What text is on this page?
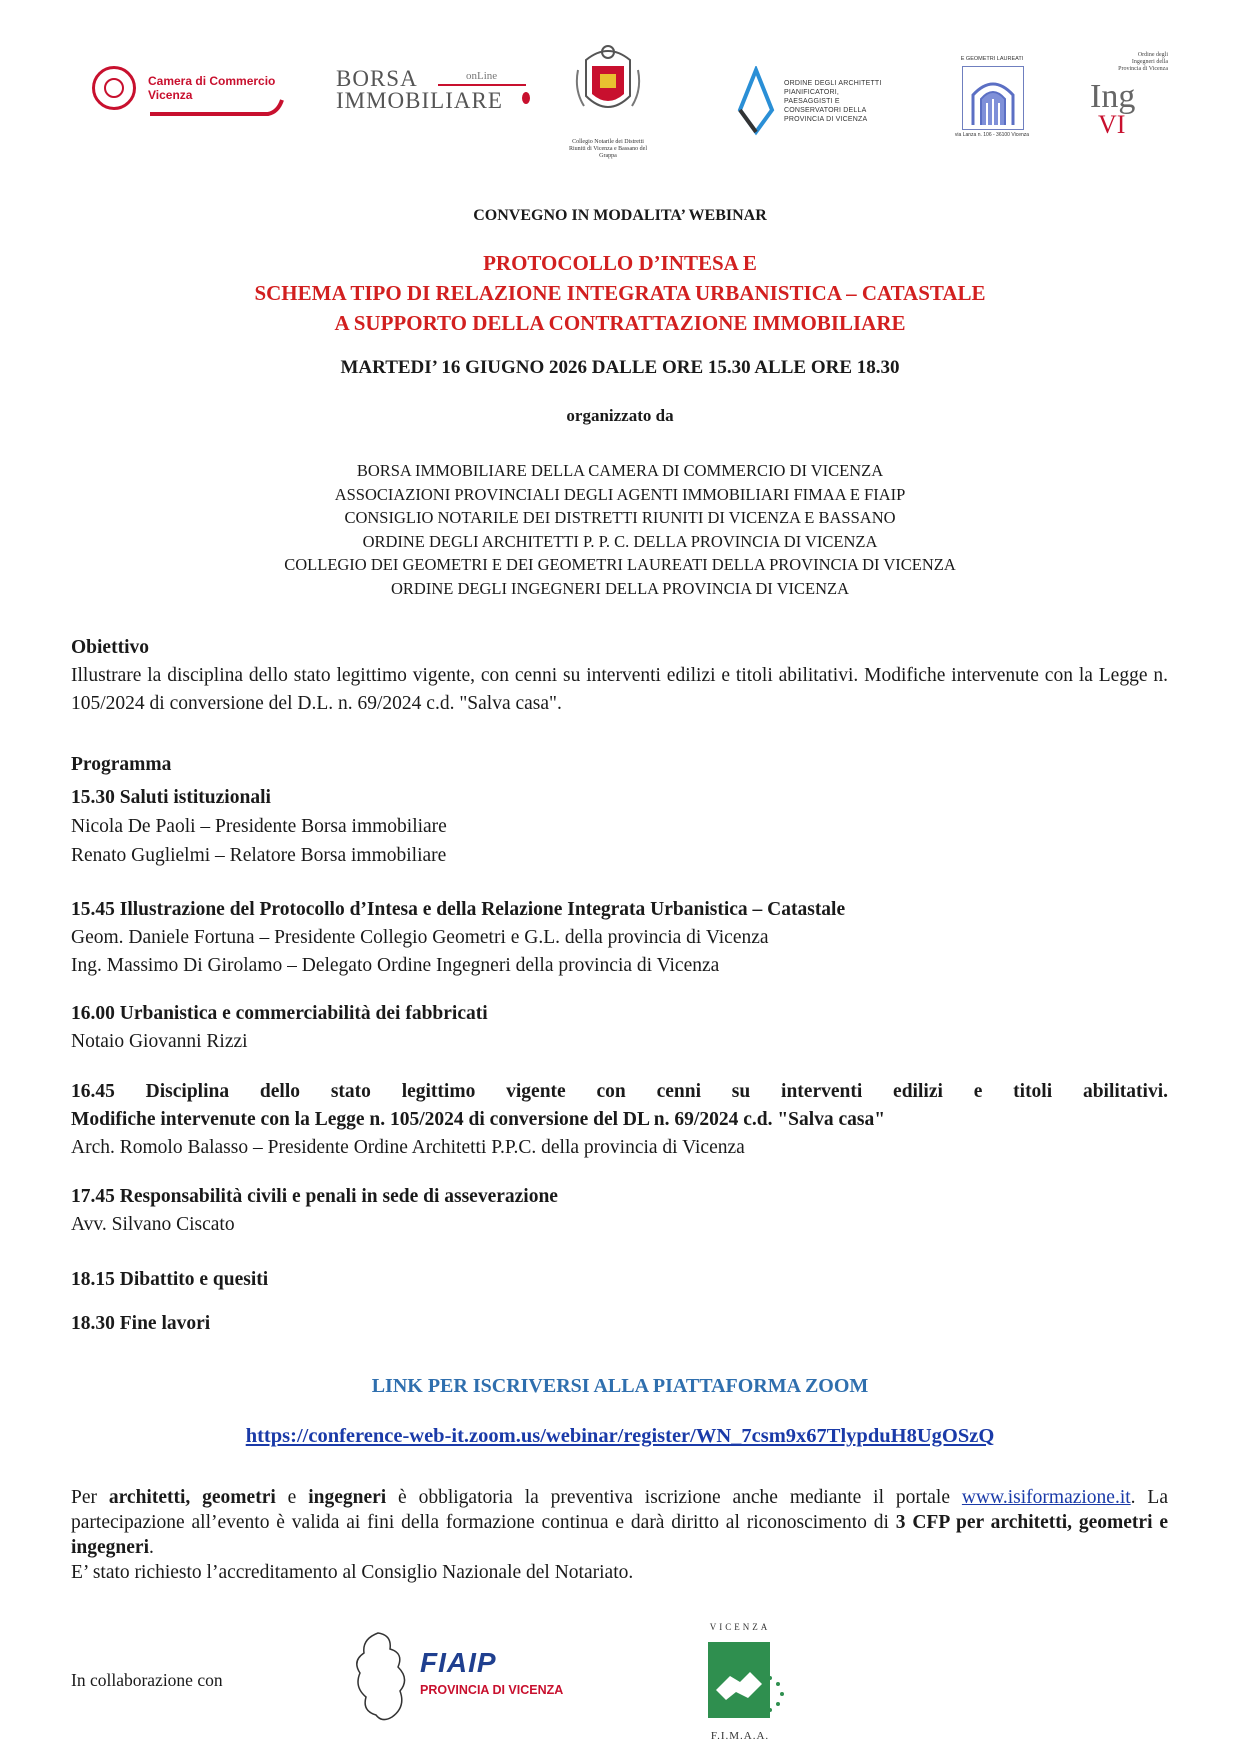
Camera di Commercio
Vicenza
BORSA
IMMOBILIARE
onLine
Collegio Notarile dei Distretti Riuniti di Vicenza e Bassano del Grappa
ORDINE DEGLI ARCHITETTI PIANIFICATORI, PAESAGGISTI E CONSERVATORI DELLA PROVINCIA DI VICENZA
E GEOMETRI LAUREATI
via Lanza n. 106 - 36100 Vicenza
Ordine degli Ingegneri della Provincia di Vicenza
Ing
VI
CONVEGNO IN MODALITA’ WEBINAR
PROTOCOLLO D’INTESA E
SCHEMA TIPO DI RELAZIONE INTEGRATA URBANISTICA – CATASTALE
A SUPPORTO DELLA CONTRATTAZIONE IMMOBILIARE
MARTEDI’ 16 GIUGNO 2026 DALLE ORE 15.30 ALLE ORE 18.30
organizzato da
BORSA IMMOBILIARE DELLA CAMERA DI COMMERCIO DI VICENZA
ASSOCIAZIONI PROVINCIALI DEGLI AGENTI IMMOBILIARI FIMAA E FIAIP
CONSIGLIO NOTARILE DEI DISTRETTI RIUNITI DI VICENZA E BASSANO
ORDINE DEGLI ARCHITETTI P. P. C. DELLA PROVINCIA DI VICENZA
COLLEGIO DEI GEOMETRI E DEI GEOMETRI LAUREATI DELLA PROVINCIA DI VICENZA
ORDINE DEGLI INGEGNERI DELLA PROVINCIA DI VICENZA
Obiettivo
Illustrare la disciplina dello stato legittimo vigente, con cenni su interventi edilizi e titoli abilitativi. Modifiche intervenute con la Legge n. 105/2024 di conversione del D.L. n. 69/2024 c.d. "Salva casa".
Programma
15.30 Saluti istituzionali
Nicola De Paoli – Presidente Borsa immobiliare
Renato Guglielmi – Relatore Borsa immobiliare
15.45 Illustrazione del Protocollo d’Intesa e della Relazione Integrata Urbanistica – Catastale
Geom. Daniele Fortuna – Presidente Collegio Geometri e G.L. della provincia di Vicenza
Ing. Massimo Di Girolamo – Delegato Ordine Ingegneri della provincia di Vicenza
16.00 Urbanistica e commerciabilità dei fabbricati
Notaio Giovanni Rizzi
16.45 Disciplina dello stato legittimo vigente con cenni su interventi edilizi e titoli abilitativi.
Modifiche intervenute con la Legge n. 105/2024 di conversione del DL n. 69/2024 c.d. "Salva casa"
Arch. Romolo Balasso – Presidente Ordine Architetti P.P.C. della provincia di Vicenza
17.45 Responsabilità civili e penali in sede di asseverazione
Avv. Silvano Ciscato
18.15 Dibattito e quesiti
18.30 Fine lavori
LINK PER ISCRIVERSI ALLA PIATTAFORMA ZOOM
https://conference-web-it.zoom.us/webinar/register/WN_7csm9x67TlypduH8UgOSzQ
Per architetti, geometri e ingegneri è obbligatoria la preventiva iscrizione anche mediante il portale www.isiformazione.it. La partecipazione all’evento è valida ai fini della formazione continua e darà diritto al riconoscimento di 3 CFP per architetti, geometri e ingegneri.
E’ stato richiesto l’accreditamento al Consiglio Nazionale del Notariato.
In collaborazione con
FIAIP
PROVINCIA DI VICENZA
VICENZA
F.I.M.A.A.
